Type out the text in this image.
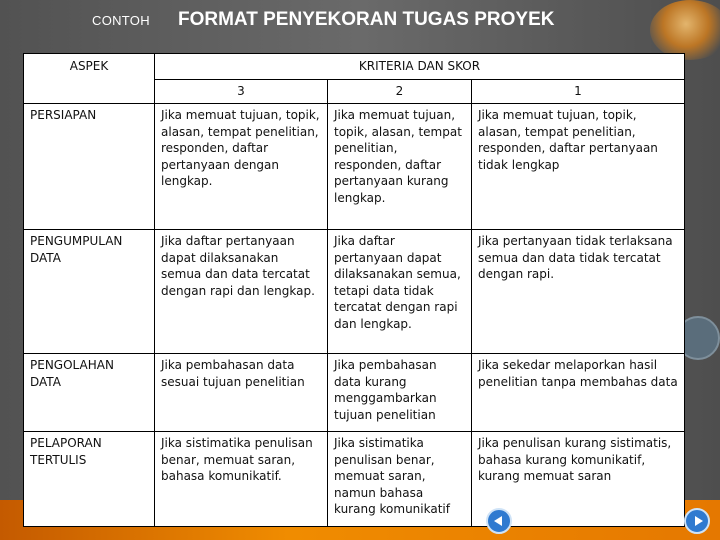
CONTOH FORMAT PENYEKORAN TUGAS PROYEK
ASPEK	KRITERIA DAN SKOR		
	3	2	1
PERSIAPAN	Jika memuat tujuan, topik, alasan, tempat penelitian, responden, daftar pertanyaan dengan lengkap.	Jika memuat tujuan, topik, alasan, tempat penelitian, responden, daftar pertanyaan kurang lengkap.	Jika memuat tujuan, topik, alasan, tempat penelitian, responden, daftar pertanyaan tidak lengkap
PENGUMPULAN DATA	Jika daftar pertanyaan dapat dilaksanakan semua dan data tercatat dengan rapi dan lengkap.	Jika daftar pertanyaan dapat dilaksanakan semua, tetapi data tidak tercatat dengan rapi dan lengkap.	Jika pertanyaan tidak terlaksana semua dan data tidak tercatat dengan rapi.
PENGOLAHAN DATA	Jika pembahasan data sesuai tujuan penelitian	Jika pembahasan data kurang menggambarkan tujuan penelitian	Jika sekedar melaporkan hasil penelitian tanpa membahas data
PELAPORAN TERTULIS	Jika sistimatika penulisan benar, memuat saran, bahasa komunikatif.	Jika sistimatika penulisan benar, memuat saran, namun bahasa kurang komunikatif	Jika penulisan kurang sistimatis, bahasa kurang komunikatif, kurang memuat saran
